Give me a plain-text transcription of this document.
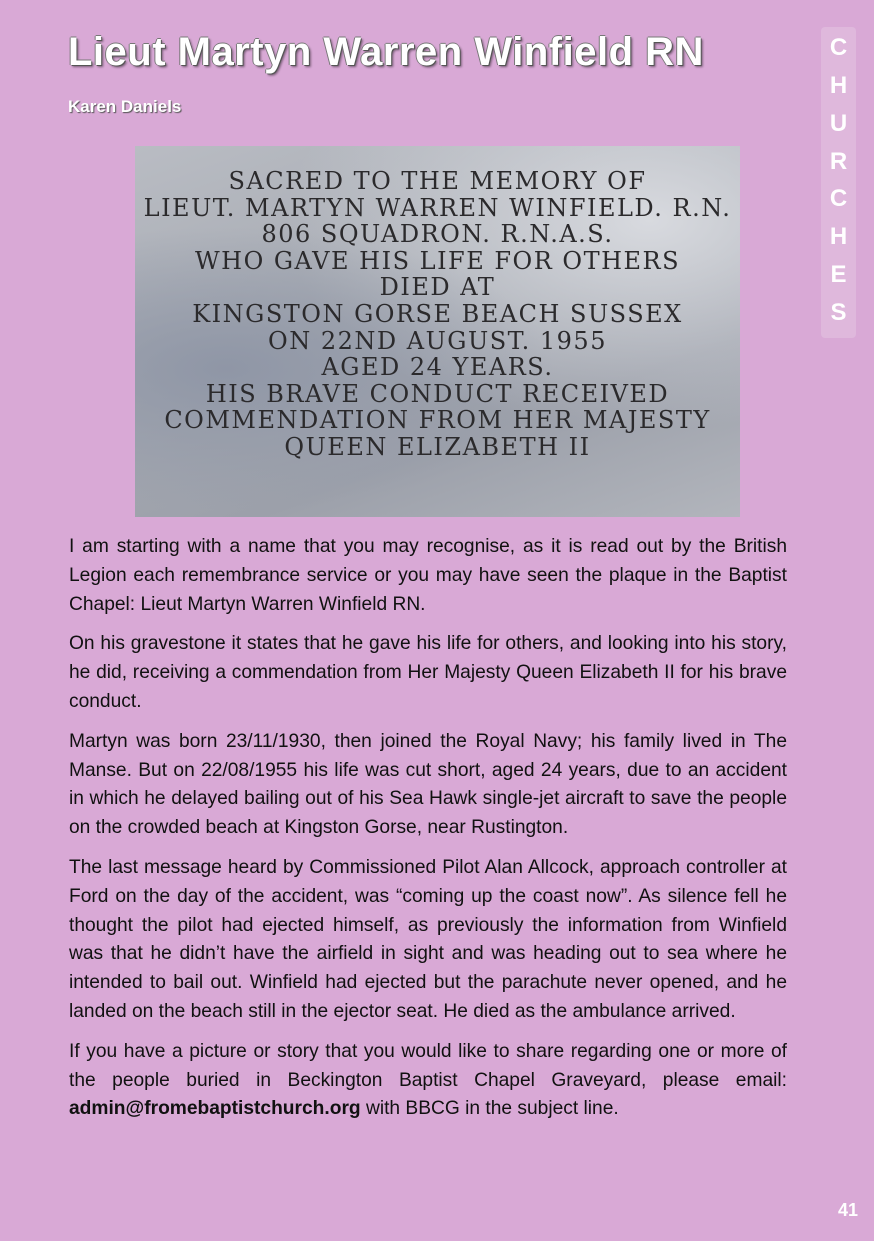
Lieut Martyn Warren Winfield RN
Karen Daniels
C
H
U
R
C
H
E
S
SACRED TO THE MEMORY OF
LIEUT. MARTYN WARREN WINFIELD. R.N.
806 SQUADRON. R.N.A.S.
WHO GAVE HIS LIFE FOR OTHERS
DIED AT
KINGSTON GORSE BEACH SUSSEX
ON 22ND AUGUST. 1955
AGED 24 YEARS.
HIS BRAVE CONDUCT RECEIVED
COMMENDATION FROM HER MAJESTY
QUEEN ELIZABETH II

I am starting with a name that you may recognise, as it is read out by the British Legion each remembrance service or you may have seen the plaque in the Baptist Chapel: Lieut Martyn Warren Winfield RN.

On his gravestone it states that he gave his life for others, and looking into his story, he did, receiving a commendation from Her Majesty Queen Elizabeth II for his brave conduct.

Martyn was born 23/11/1930, then joined the Royal Navy; his family lived in The Manse. But on 22/08/1955 his life was cut short, aged 24 years, due to an accident in which he delayed bailing out of his Sea Hawk single-jet aircraft to save the people on the crowded beach at Kingston Gorse, near Rustington.

The last message heard by Commissioned Pilot Alan Allcock, approach controller at Ford on the day of the accident, was “coming up the coast now”. As silence fell he thought the pilot had ejected himself, as previously the information from Winfield was that he didn’t have the airfield in sight and was heading out to sea where he intended to bail out. Winfield had ejected but the parachute never opened, and he landed on the beach still in the ejector seat. He died as the ambulance arrived.

If you have a picture or story that you would like to share regarding one or more of the people buried in Beckington Baptist Chapel Graveyard, please email: admin@fromebaptistchurch.org with BBCG in the subject line.

41
